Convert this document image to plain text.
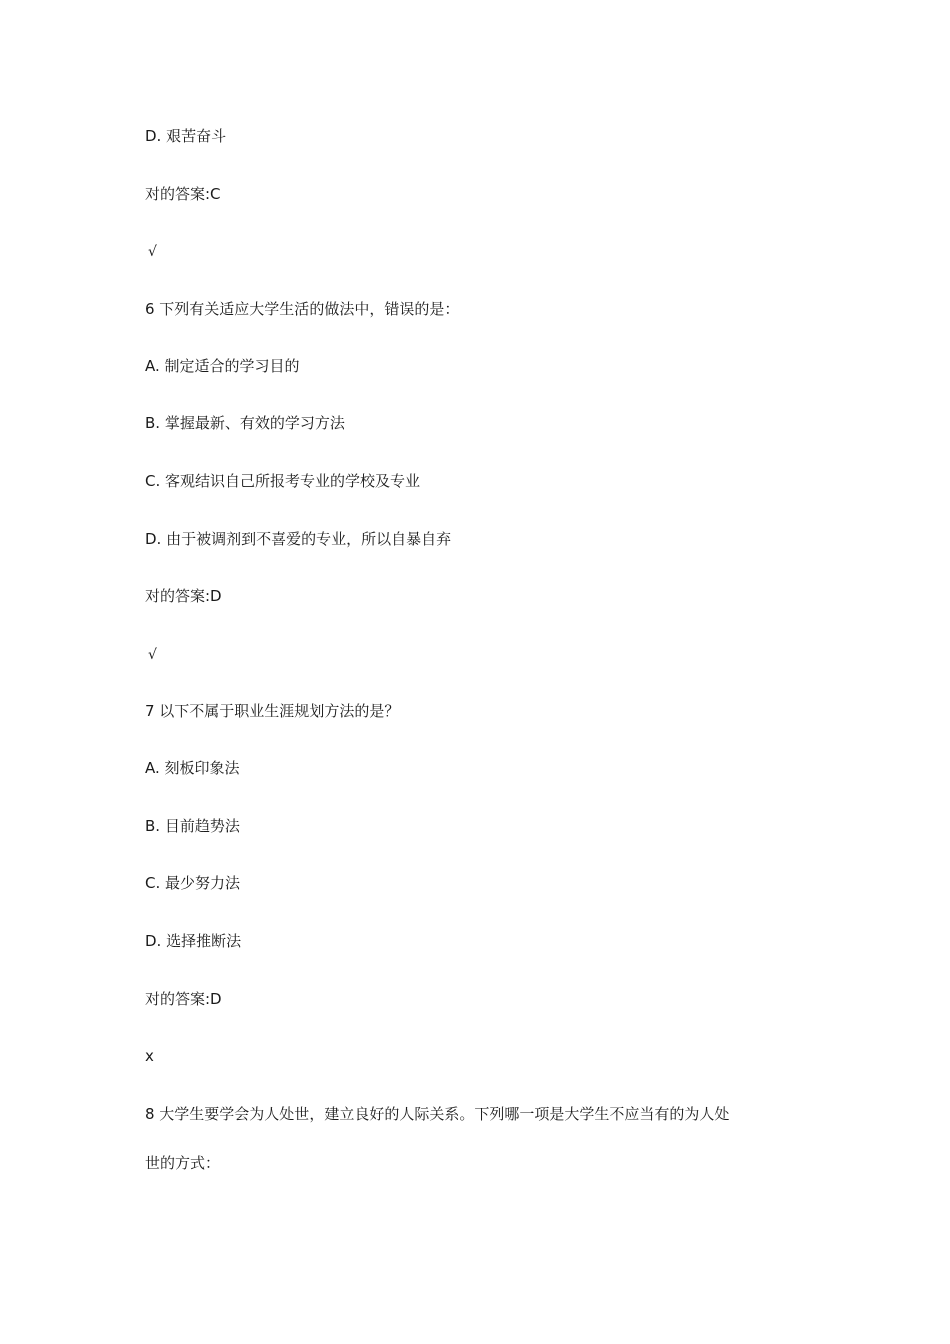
D. 艰苦奋斗
对的答案:C
√
6 下列有关适应大学生活的做法中，错误的是：
A. 制定适合的学习目的
B. 掌握最新、有效的学习方法
C. 客观结识自己所报考专业的学校及专业
D. 由于被调剂到不喜爱的专业，所以自暴自弃
对的答案:D
√
7 以下不属于职业生涯规划方法的是？
A. 刻板印象法
B. 目前趋势法
C. 最少努力法
D. 选择推断法
对的答案:D
x
8 大学生要学会为人处世，建立良好的人际关系。下列哪一项是大学生不应当有的为人处
世的方式：
